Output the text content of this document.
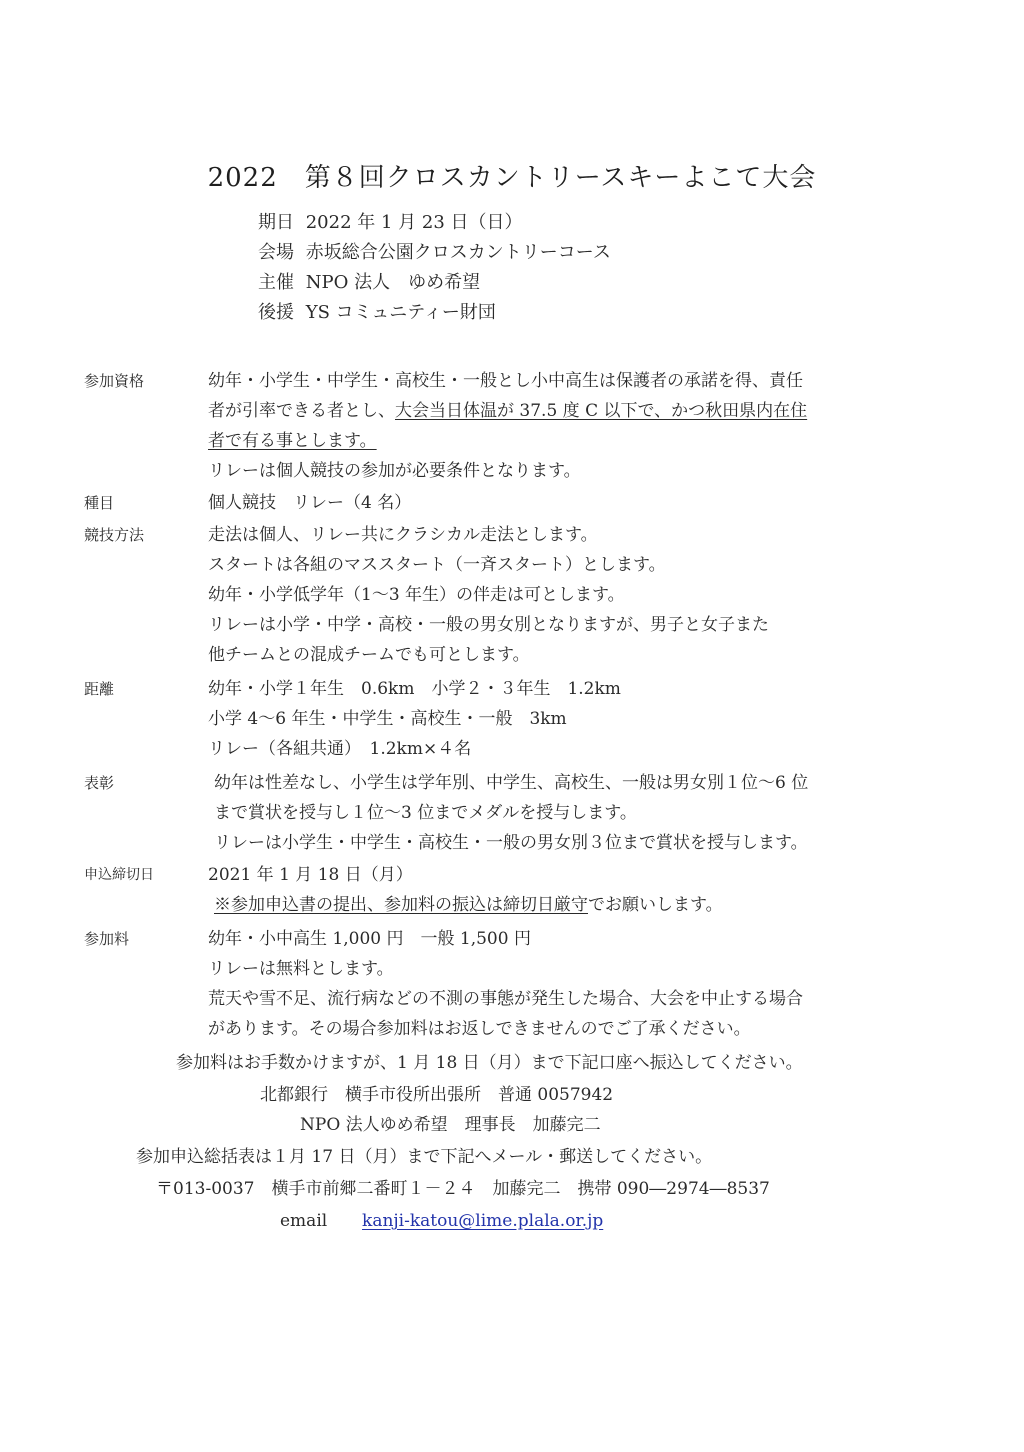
2022　第８回クロスカントリースキーよこて大会
期日 2022 年 1 月 23 日（日）
会場 赤坂総合公園クロスカントリーコース
主催 NPO 法人　ゆめ希望
後援 YS コミュニティー財団
参加資格	幼年・小学生・中学生・高校生・一般とし小中高生は保護者の承諾を得、責任
者が引率できる者とし、大会当日体温が 37.5 度 C 以下で、かつ秋田県内在住
者で有る事とします。
リレーは個人競技の参加が必要条件となります。
種目	個人競技　リレー（4 名）
競技方法	走法は個人、リレー共にクラシカル走法とします。
スタートは各組のマススタート（一斉スタート）とします。
幼年・小学低学年（1～3 年生）の伴走は可とします。
リレーは小学・中学・高校・一般の男女別となりますが、男子と女子また
他チームとの混成チームでも可とします。
距離	幼年・小学１年生　0.6km　小学２・３年生　1.2km
小学 4～6 年生・中学生・高校生・一般　3km
リレー（各組共通）　1.2km×４名
表彰	幼年は性差なし、小学生は学年別、中学生、高校生、一般は男女別１位～6 位
まで賞状を授与し１位～3 位までメダルを授与します。
リレーは小学生・中学生・高校生・一般の男女別３位まで賞状を授与します。
申込締切日	2021 年 1 月 18 日（月）
※参加申込書の提出、参加料の振込は締切日厳守でお願いします。
参加料	幼年・小中高生 1,000 円　一般 1,500 円
リレーは無料とします。
荒天や雪不足、流行病などの不測の事態が発生した場合、大会を中止する場合
があります。その場合参加料はお返しできませんのでご了承ください。
参加料はお手数かけますが、1 月 18 日（月）まで下記口座へ振込してください。
北都銀行　横手市役所出張所　普通 0057942
NPO 法人ゆめ希望　理事長　加藤完二
参加申込総括表は１月 17 日（月）まで下記へメール・郵送してください。
〒013-0037　横手市前郷二番町１－２４　加藤完二　携帯 090―2974―8537
email kanji-katou@lime.plala.or.jp
